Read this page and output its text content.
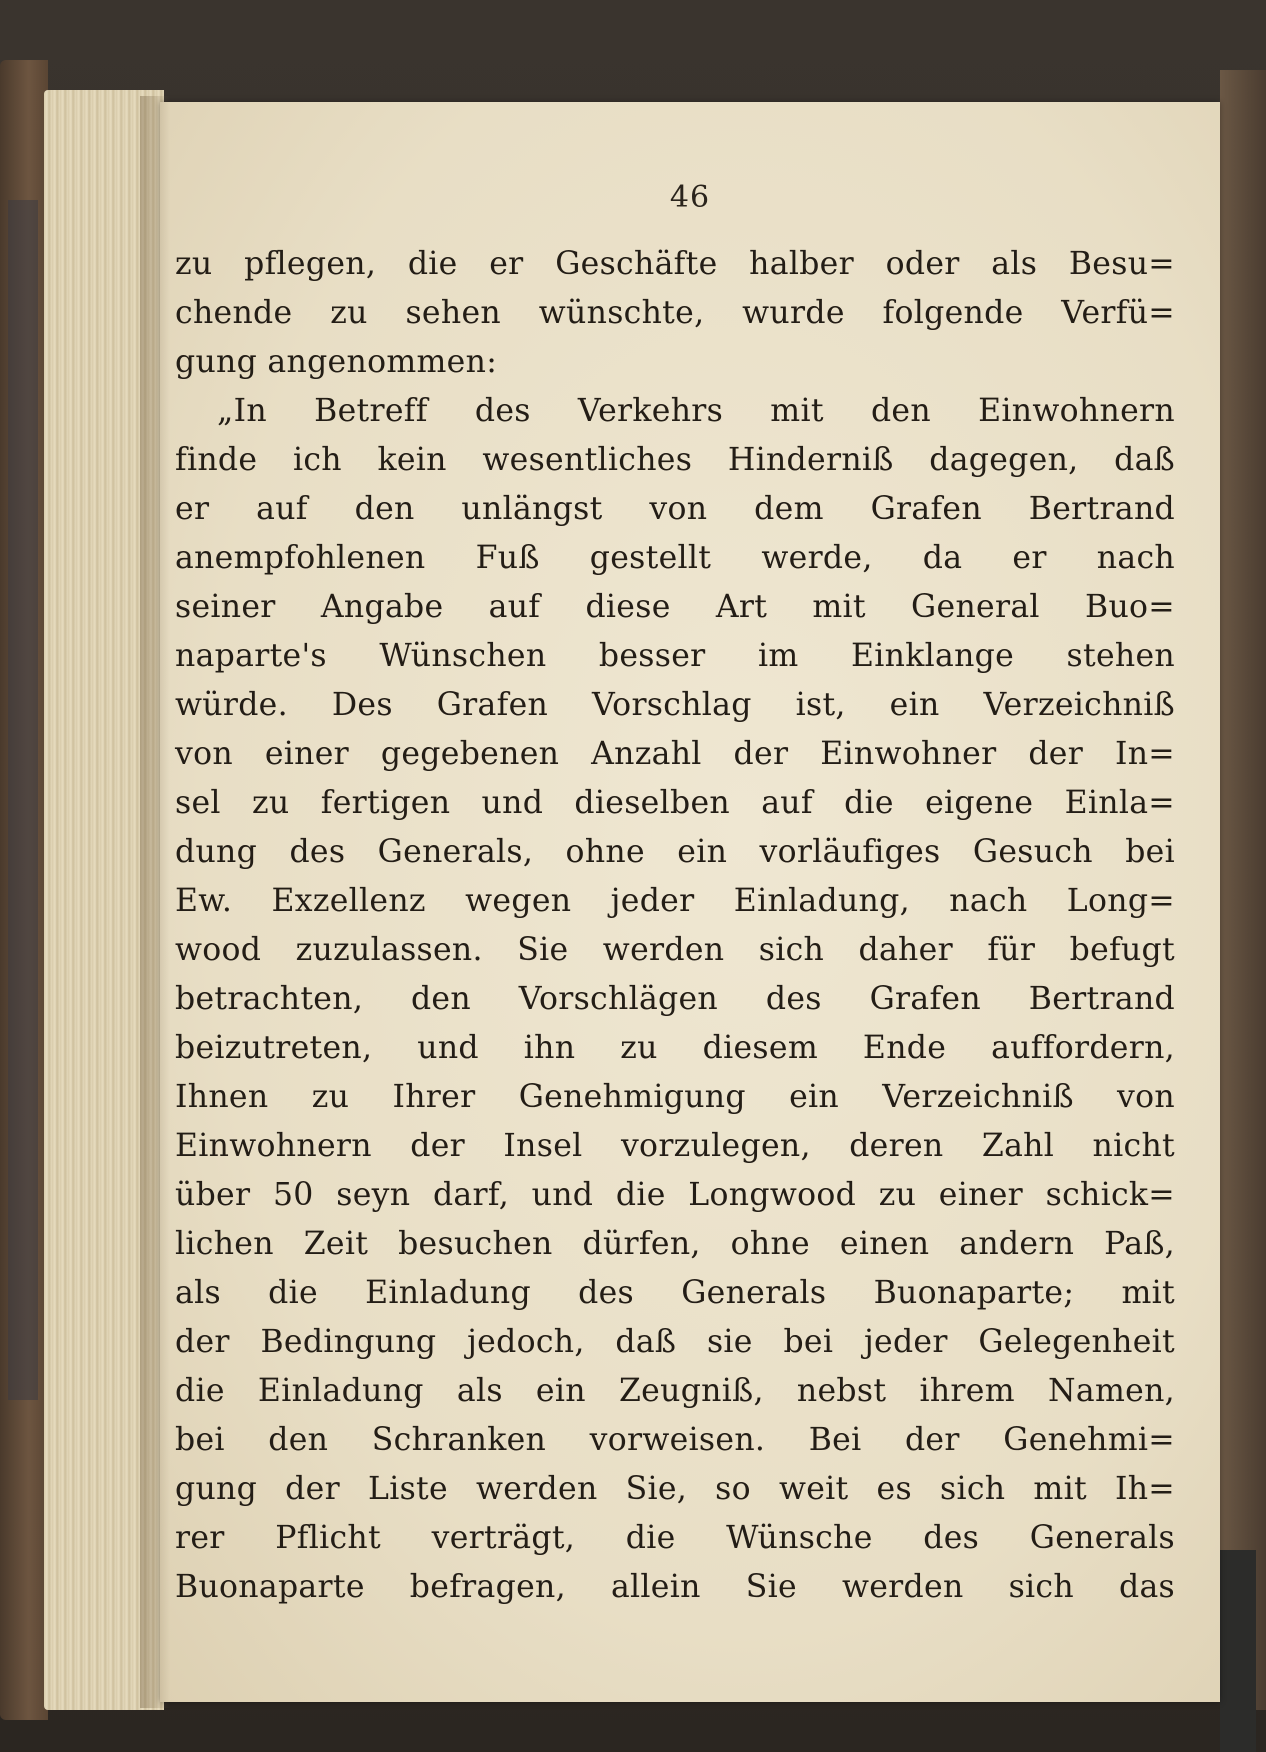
46
zu pflegen, die er Geschäfte halber oder als Besu=
chende zu sehen wünschte, wurde folgende Verfü=
gung angenommen:
„In Betreff des Verkehrs mit den Einwohnern
finde ich kein wesentliches Hinderniß dagegen, daß
er auf den unlängst von dem Grafen Bertrand
anempfohlenen Fuß gestellt werde, da er nach
seiner Angabe auf diese Art mit General Buo=
naparte's Wünschen besser im Einklange stehen
würde. Des Grafen Vorschlag ist, ein Verzeichniß
von einer gegebenen Anzahl der Einwohner der In=
sel zu fertigen und dieselben auf die eigene Einla=
dung des Generals, ohne ein vorläufiges Gesuch bei
Ew. Exzellenz wegen jeder Einladung, nach Long=
wood zuzulassen. Sie werden sich daher für befugt
betrachten, den Vorschlägen des Grafen Bertrand
beizutreten, und ihn zu diesem Ende auffordern,
Ihnen zu Ihrer Genehmigung ein Verzeichniß von
Einwohnern der Insel vorzulegen, deren Zahl nicht
über 50 seyn darf, und die Longwood zu einer schick=
lichen Zeit besuchen dürfen, ohne einen andern Paß,
als die Einladung des Generals Buonaparte; mit
der Bedingung jedoch, daß sie bei jeder Gelegenheit
die Einladung als ein Zeugniß, nebst ihrem Namen,
bei den Schranken vorweisen. Bei der Genehmi=
gung der Liste werden Sie, so weit es sich mit Ih=
rer Pflicht verträgt, die Wünsche des Generals
Buonaparte befragen, allein Sie werden sich das
